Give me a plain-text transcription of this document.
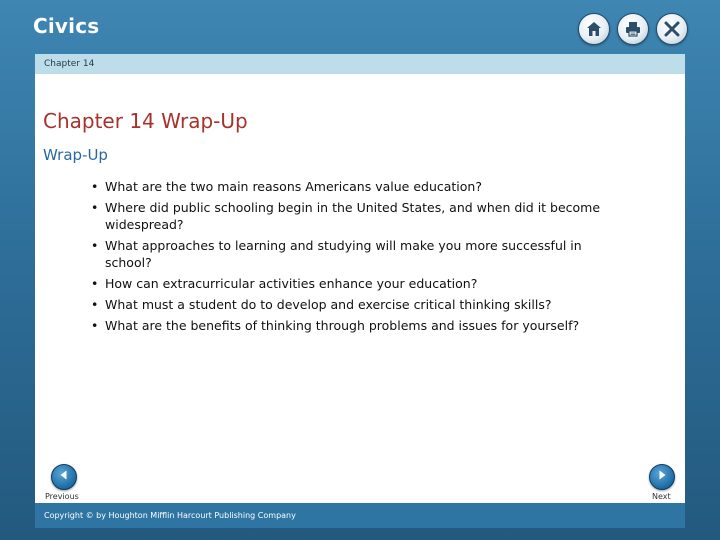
Civics
Chapter 14
Chapter 14 Wrap-Up
Wrap-Up
• What are the two main reasons Americans value education?
• Where did public schooling begin in the United States, and when did it become widespread?
• What approaches to learning and studying will make you more successful in school?
• How can extracurricular activities enhance your education?
• What must a student do to develop and exercise critical thinking skills?
• What are the benefits of thinking through problems and issues for yourself?
Previous	Next
Copyright © by Houghton Mifflin Harcourt Publishing Company
